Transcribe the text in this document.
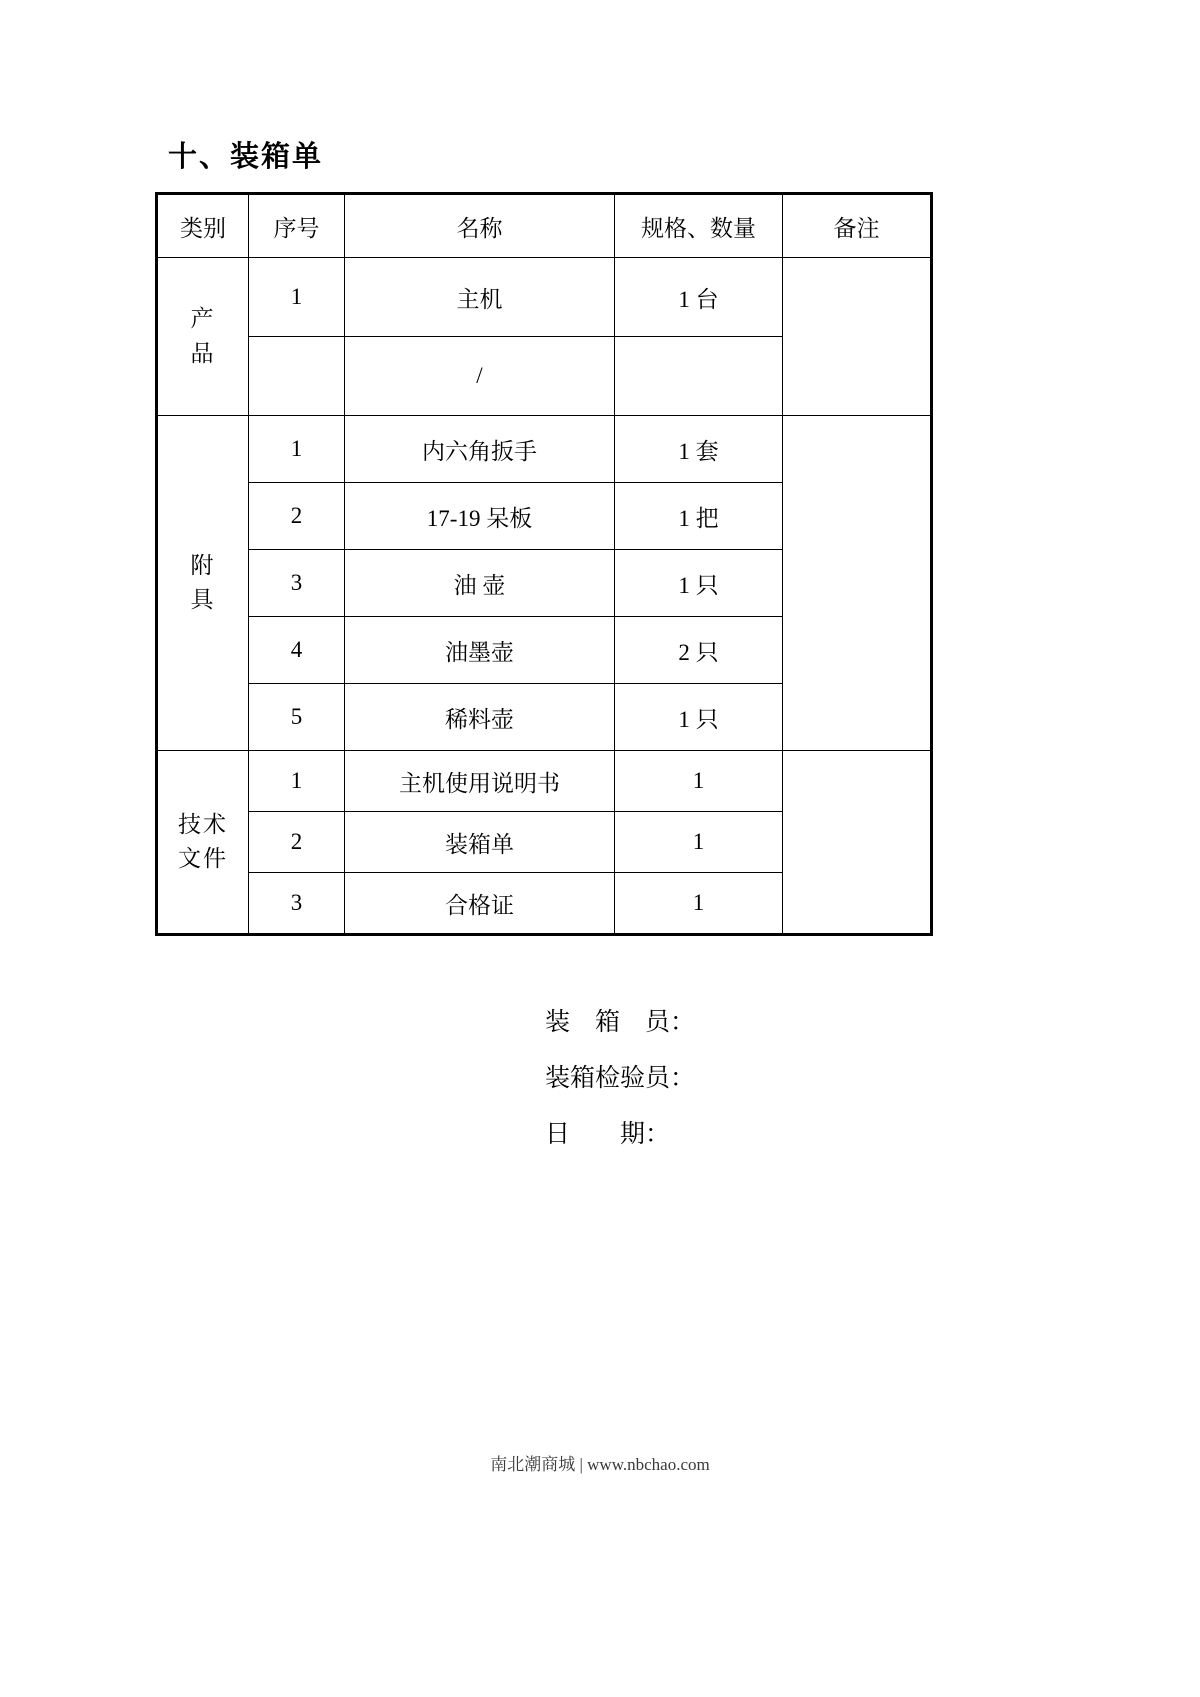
十、装箱单
类别	序号	名称	规格、数量	备注
产
品	1	主机	1 台	
		/		
附
具	1	内六角扳手	1 套	
	2	17-19 呆板	1 把	
	3	油 壶	1 只	
	4	油墨壶	2 只	
	5	稀料壶	1 只	
技术
文件	1	主机使用说明书	1	
	2	装箱单	1	
	3	合格证	1	
装    箱    员：
装箱检验员：
日        期：
南北潮商城 | www.nbchao.com
